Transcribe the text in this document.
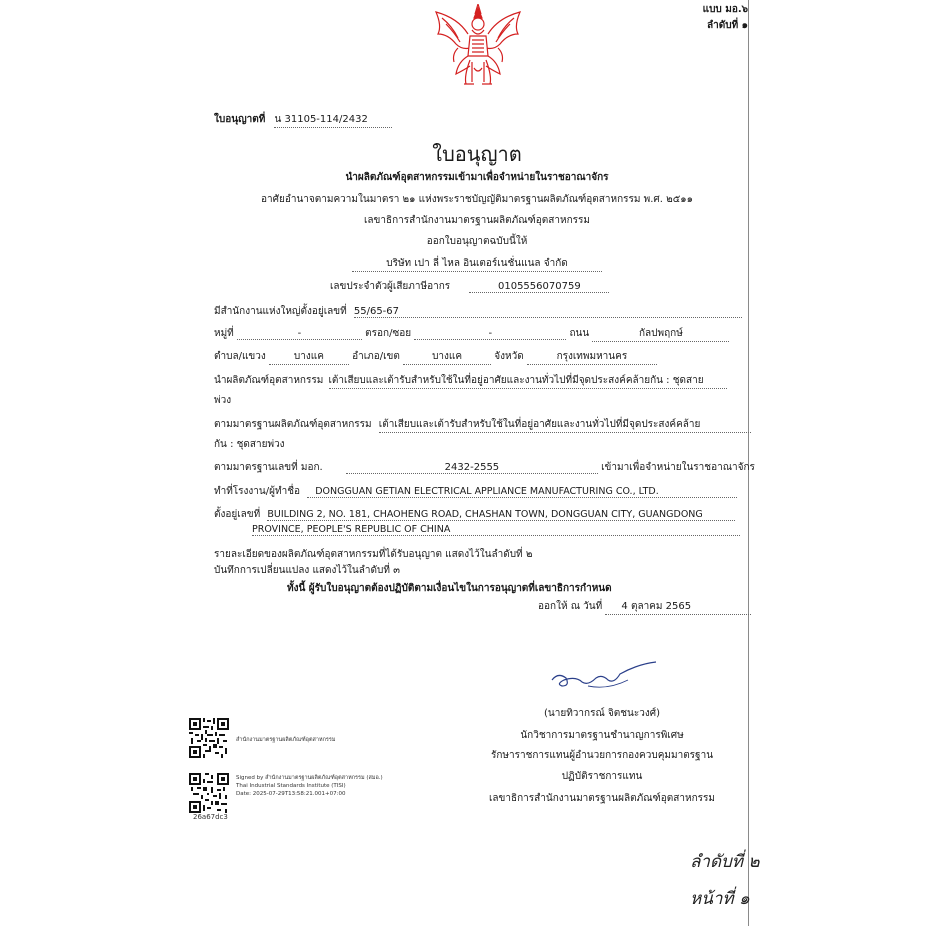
แบบ มอ.๖
ลำดับที่ ๑
ใบอนุญาตที่ น 31105-114/2432
ใบอนุญาต
นำผลิตภัณฑ์อุตสาหกรรมเข้ามาเพื่อจำหน่ายในราชอาณาจักร
อาศัยอำนาจตามความในมาตรา ๒๑ แห่งพระราชบัญญัติมาตรฐานผลิตภัณฑ์อุตสาหกรรม พ.ศ. ๒๕๑๑
เลขาธิการสำนักงานมาตรฐานผลิตภัณฑ์อุตสาหกรรม
ออกใบอนุญาตฉบับนี้ให้
บริษัท เปา ลี่ ไหล อินเตอร์เนชั่นแนล จำกัด
เลขประจำตัวผู้เสียภาษีอากร	0105556070759
มีสำนักงานแห่งใหญ่ตั้งอยู่เลขที่ 55/65-67
หมู่ที่	-	ตรอก/ซอย	-	ถนน	กัลปพฤกษ์
ตำบล/แขวง	บางแค	อำเภอ/เขต	บางแค	จังหวัด	กรุงเทพมหานคร
นำผลิตภัณฑ์อุตสาหกรรม เต้าเสียบและเต้ารับสำหรับใช้ในที่อยู่อาศัยและงานทั่วไปที่มีจุดประสงค์คล้ายกัน : ชุดสาย
พ่วง
ตามมาตรฐานผลิตภัณฑ์อุตสาหกรรม เต้าเสียบและเต้ารับสำหรับใช้ในที่อยู่อาศัยและงานทั่วไปที่มีจุดประสงค์คล้าย
กัน : ชุดสายพ่วง
ตามมาตรฐานเลขที่ มอก.	2432-2555	เข้ามาเพื่อจำหน่ายในราชอาณาจักร
ทำที่โรงงาน/ผู้ทำชื่อ DONGGUAN GETIAN ELECTRICAL APPLIANCE MANUFACTURING CO., LTD.
ตั้งอยู่เลขที่ BUILDING 2, NO. 181, CHAOHENG ROAD, CHASHAN TOWN, DONGGUAN CITY, GUANGDONG
PROVINCE, PEOPLE'S REPUBLIC OF CHINA
รายละเอียดของผลิตภัณฑ์อุตสาหกรรมที่ได้รับอนุญาต แสดงไว้ในลำดับที่ ๒
บันทึกการเปลี่ยนแปลง แสดงไว้ในลำดับที่ ๓
ทั้งนี้ ผู้รับใบอนุญาตต้องปฏิบัติตามเงื่อนไขในการอนุญาตที่เลขาธิการกำหนด
ออกให้ ณ วันที่ 4 ตุลาคม 2565
(นายทิวากรณ์ จิตชนะวงศ์)
นักวิชาการมาตรฐานชำนาญการพิเศษ
รักษาราชการแทนผู้อำนวยการกองควบคุมมาตรฐาน
ปฏิบัติราชการแทน
เลขาธิการสำนักงานมาตรฐานผลิตภัณฑ์อุตสาหกรรม
สำนักงานมาตรฐานผลิตภัณฑ์อุตสาหกรรม
Signed by สำนักงานมาตรฐานผลิตภัณฑ์อุตสาหกรรม (สมอ.)
Thai Industrial Standards Institute (TISI)
Date: 2025-07-29T13:58:21.001+07:00
26a67dc3
ลำดับที่ ๒
หน้าที่ ๑
